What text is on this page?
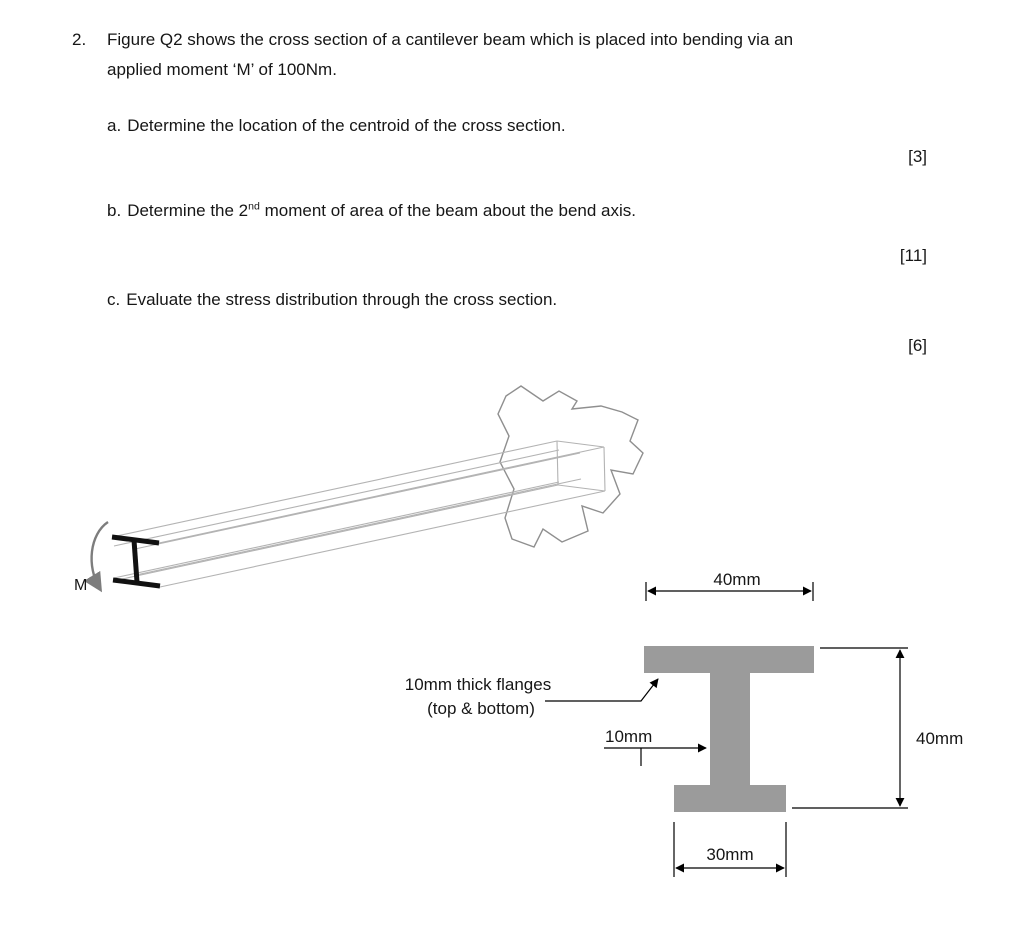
2. Figure Q2 shows the cross section of a cantilever beam which is placed into bending via an
applied moment ‘M’ of 100Nm.
a. Determine the location of the centroid of the cross section.
[3]
b. Determine the 2nd moment of area of the beam about the bend axis.
[11]
c. Evaluate the stress distribution through the cross section.
[6]
M	40mm
40mm
30mm
10mm
10mm thick flanges
(top & bottom)
